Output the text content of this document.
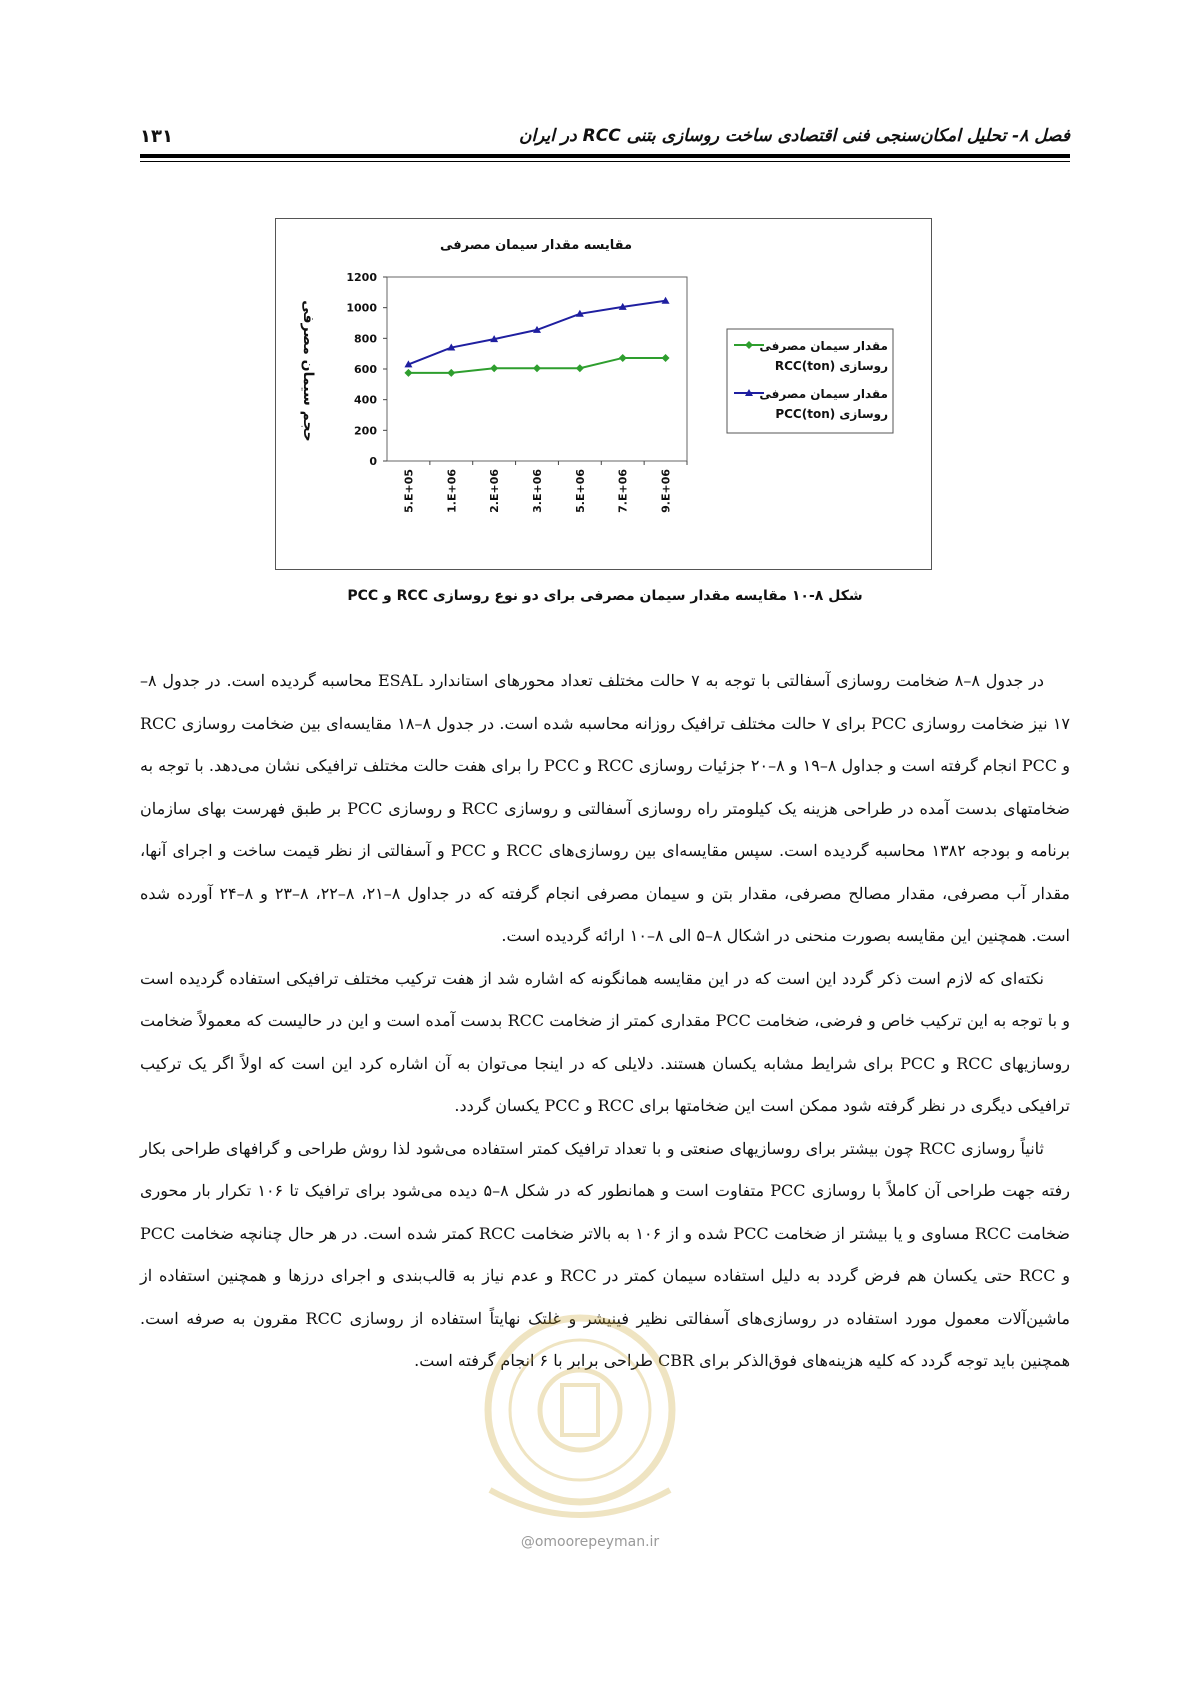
فصل ۸- تحلیل امکان‌سنجی فنی اقتصادی ساخت روسازی بتنی RCC در ایران
۱۳۱
مقایسه مقدار سیمان مصرفی
حجم سیمان مصرفی
0
200
400
600
800
1000
1200
5.E+05	1.E+06	2.E+06	3.E+06	5.E+06	7.E+06	9.E+06
مقدار سیمان مصرفی
روسازی RCC(ton)
مقدار سیمان مصرفی
روسازی PCC(ton)
شکل ۸-۱۰ مقایسه مقدار سیمان مصرفی برای دو نوع روسازی RCC و PCC

در جدول ۸–۸ ضخامت روسازی آسفالتی با توجه به ۷ حالت مختلف تعداد محورهای استاندارد ESAL محاسبه گردیده است. در جدول ۸–۱۷ نیز ضخامت روسازی PCC برای ۷ حالت مختلف ترافیک روزانه محاسبه شده است. در جدول ۸–۱۸ مقایسه‌ای بین ضخامت روسازی RCC و PCC انجام گرفته است و جداول ۸–۱۹ و ۸–۲۰ جزئیات روسازی RCC و PCC را برای هفت حالت مختلف ترافیکی نشان می‌دهد. با توجه به ضخامتهای بدست آمده در طراحی هزینه یک کیلومتر راه روسازی آسفالتی و روسازی RCC و روسازی PCC بر طبق فهرست بهای سازمان برنامه و بودجه ۱۳۸۲ محاسبه گردیده است. سپس مقایسه‌ای بین روسازی‌های RCC و PCC و آسفالتی از نظر قیمت ساخت و اجرای آنها، مقدار آب مصرفی، مقدار مصالح مصرفی، مقدار بتن و سیمان مصرفی انجام گرفته که در جداول ۸–۲۱، ۸–۲۲، ۸–۲۳ و ۸–۲۴ آورده شده است. همچنین این مقایسه بصورت منحنی در اشکال ۸–۵ الی ۸–۱۰ ارائه گردیده است.

نکته‌ای که لازم است ذکر گردد این است که در این مقایسه همانگونه که اشاره شد از هفت ترکیب مختلف ترافیکی استفاده گردیده است و با توجه به این ترکیب خاص و فرضی، ضخامت PCC مقداری کمتر از ضخامت RCC بدست آمده است و این در حالیست که معمولاً ضخامت روسازیهای RCC و PCC برای شرایط مشابه یکسان هستند. دلایلی که در اینجا می‌توان به آن اشاره کرد این است که اولاً اگر یک ترکیب ترافیکی دیگری در نظر گرفته شود ممکن است این ضخامتها برای RCC و PCC یکسان گردد.

ثانیاً روسازی RCC چون بیشتر برای روسازیهای صنعتی و با تعداد ترافیک کمتر استفاده می‌شود لذا روش طراحی و گرافهای طراحی بکار رفته جهت طراحی آن کاملاً با روسازی PCC متفاوت است و همانطور که در شکل ۸–۵ دیده می‌شود برای ترافیک تا ۱۰۶ تکرار بار محوری ضخامت RCC مساوی و یا بیشتر از ضخامت PCC شده و از ۱۰۶ به بالاتر ضخامت RCC کمتر شده است. در هر حال چنانچه ضخامت PCC و RCC حتی یکسان هم فرض گردد به دلیل استفاده سیمان کمتر در RCC و عدم نیاز به قالب‌بندی و اجرای درزها و همچنین استفاده از ماشین‌آلات معمول مورد استفاده در روسازی‌های آسفالتی نظیر فینیشر و غلتک نهایتاً استفاده از روسازی RCC مقرون به صرفه است. همچنین باید توجه گردد که کلیه هزینه‌های فوق‌الذکر برای CBR طراحی برابر با ۶ انجام گرفته است.

@omoorepeyman.ir
